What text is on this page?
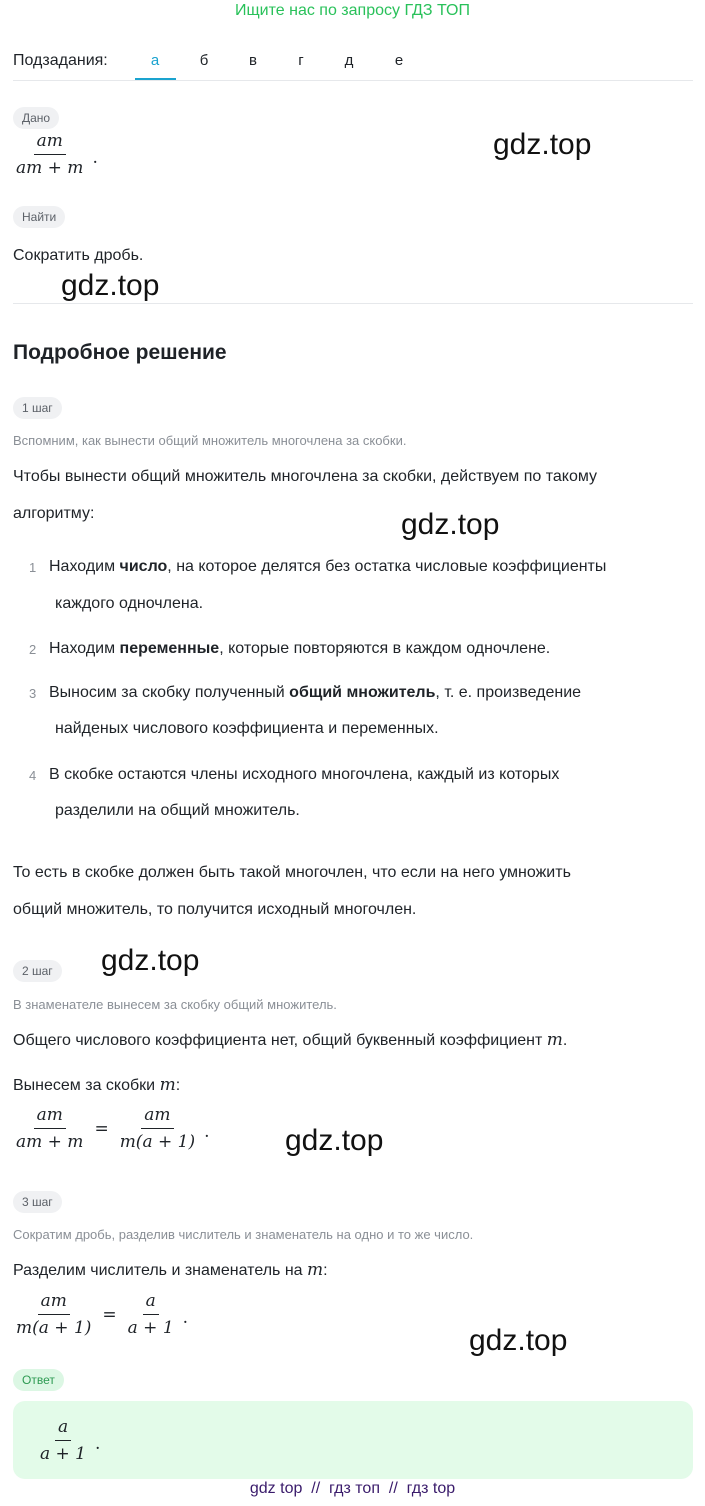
Ищите нас по запросу ГДЗ ТОП
Подзадания:	а	б	в	г	д	е
Дано
$\frac{am}{am + m}$ .
Найти
Сократить дробь.
Подробное решение
1 шаг
Вспомним, как вынести общий множитель многочлена за скобки.
Чтобы вынести общий множитель многочлена за скобки, действуем по такому
алгоритму:
1 Находим число, на которое делятся без остатка числовые коэффициенты
каждого одночлена.
2 Находим переменные, которые повторяются в каждом одночлене.
3 Выносим за скобку полученный общий множитель, т. е. произведение
найденых числового коэффициента и переменных.
4 В скобке остаются члены исходного многочлена, каждый из которых
разделили на общий множитель.
То есть в скобке должен быть такой многочлен, что если на него умножить
общий множитель, то получится исходный многочлен.
2 шаг
В знаменателе вынесем за скобку общий множитель.
Общего числового коэффициента нет, общий буквенный коэффициент m.
Вынесем за скобки m:
$\frac{am}{am + m} = \frac{am}{m(a + 1)}$ .
3 шаг
Сократим дробь, разделив числитель и знаменатель на одно и то же число.
Разделим числитель и знаменатель на m:
$\frac{am}{m(a + 1)} = \frac{a}{a + 1}$ .
Ответ
$\frac{a}{a + 1}$ .
gdz.top
gdz.top
gdz.top
gdz.top
gdz.top
gdz.top
gdz top  //  гдз топ  //  гдз top
